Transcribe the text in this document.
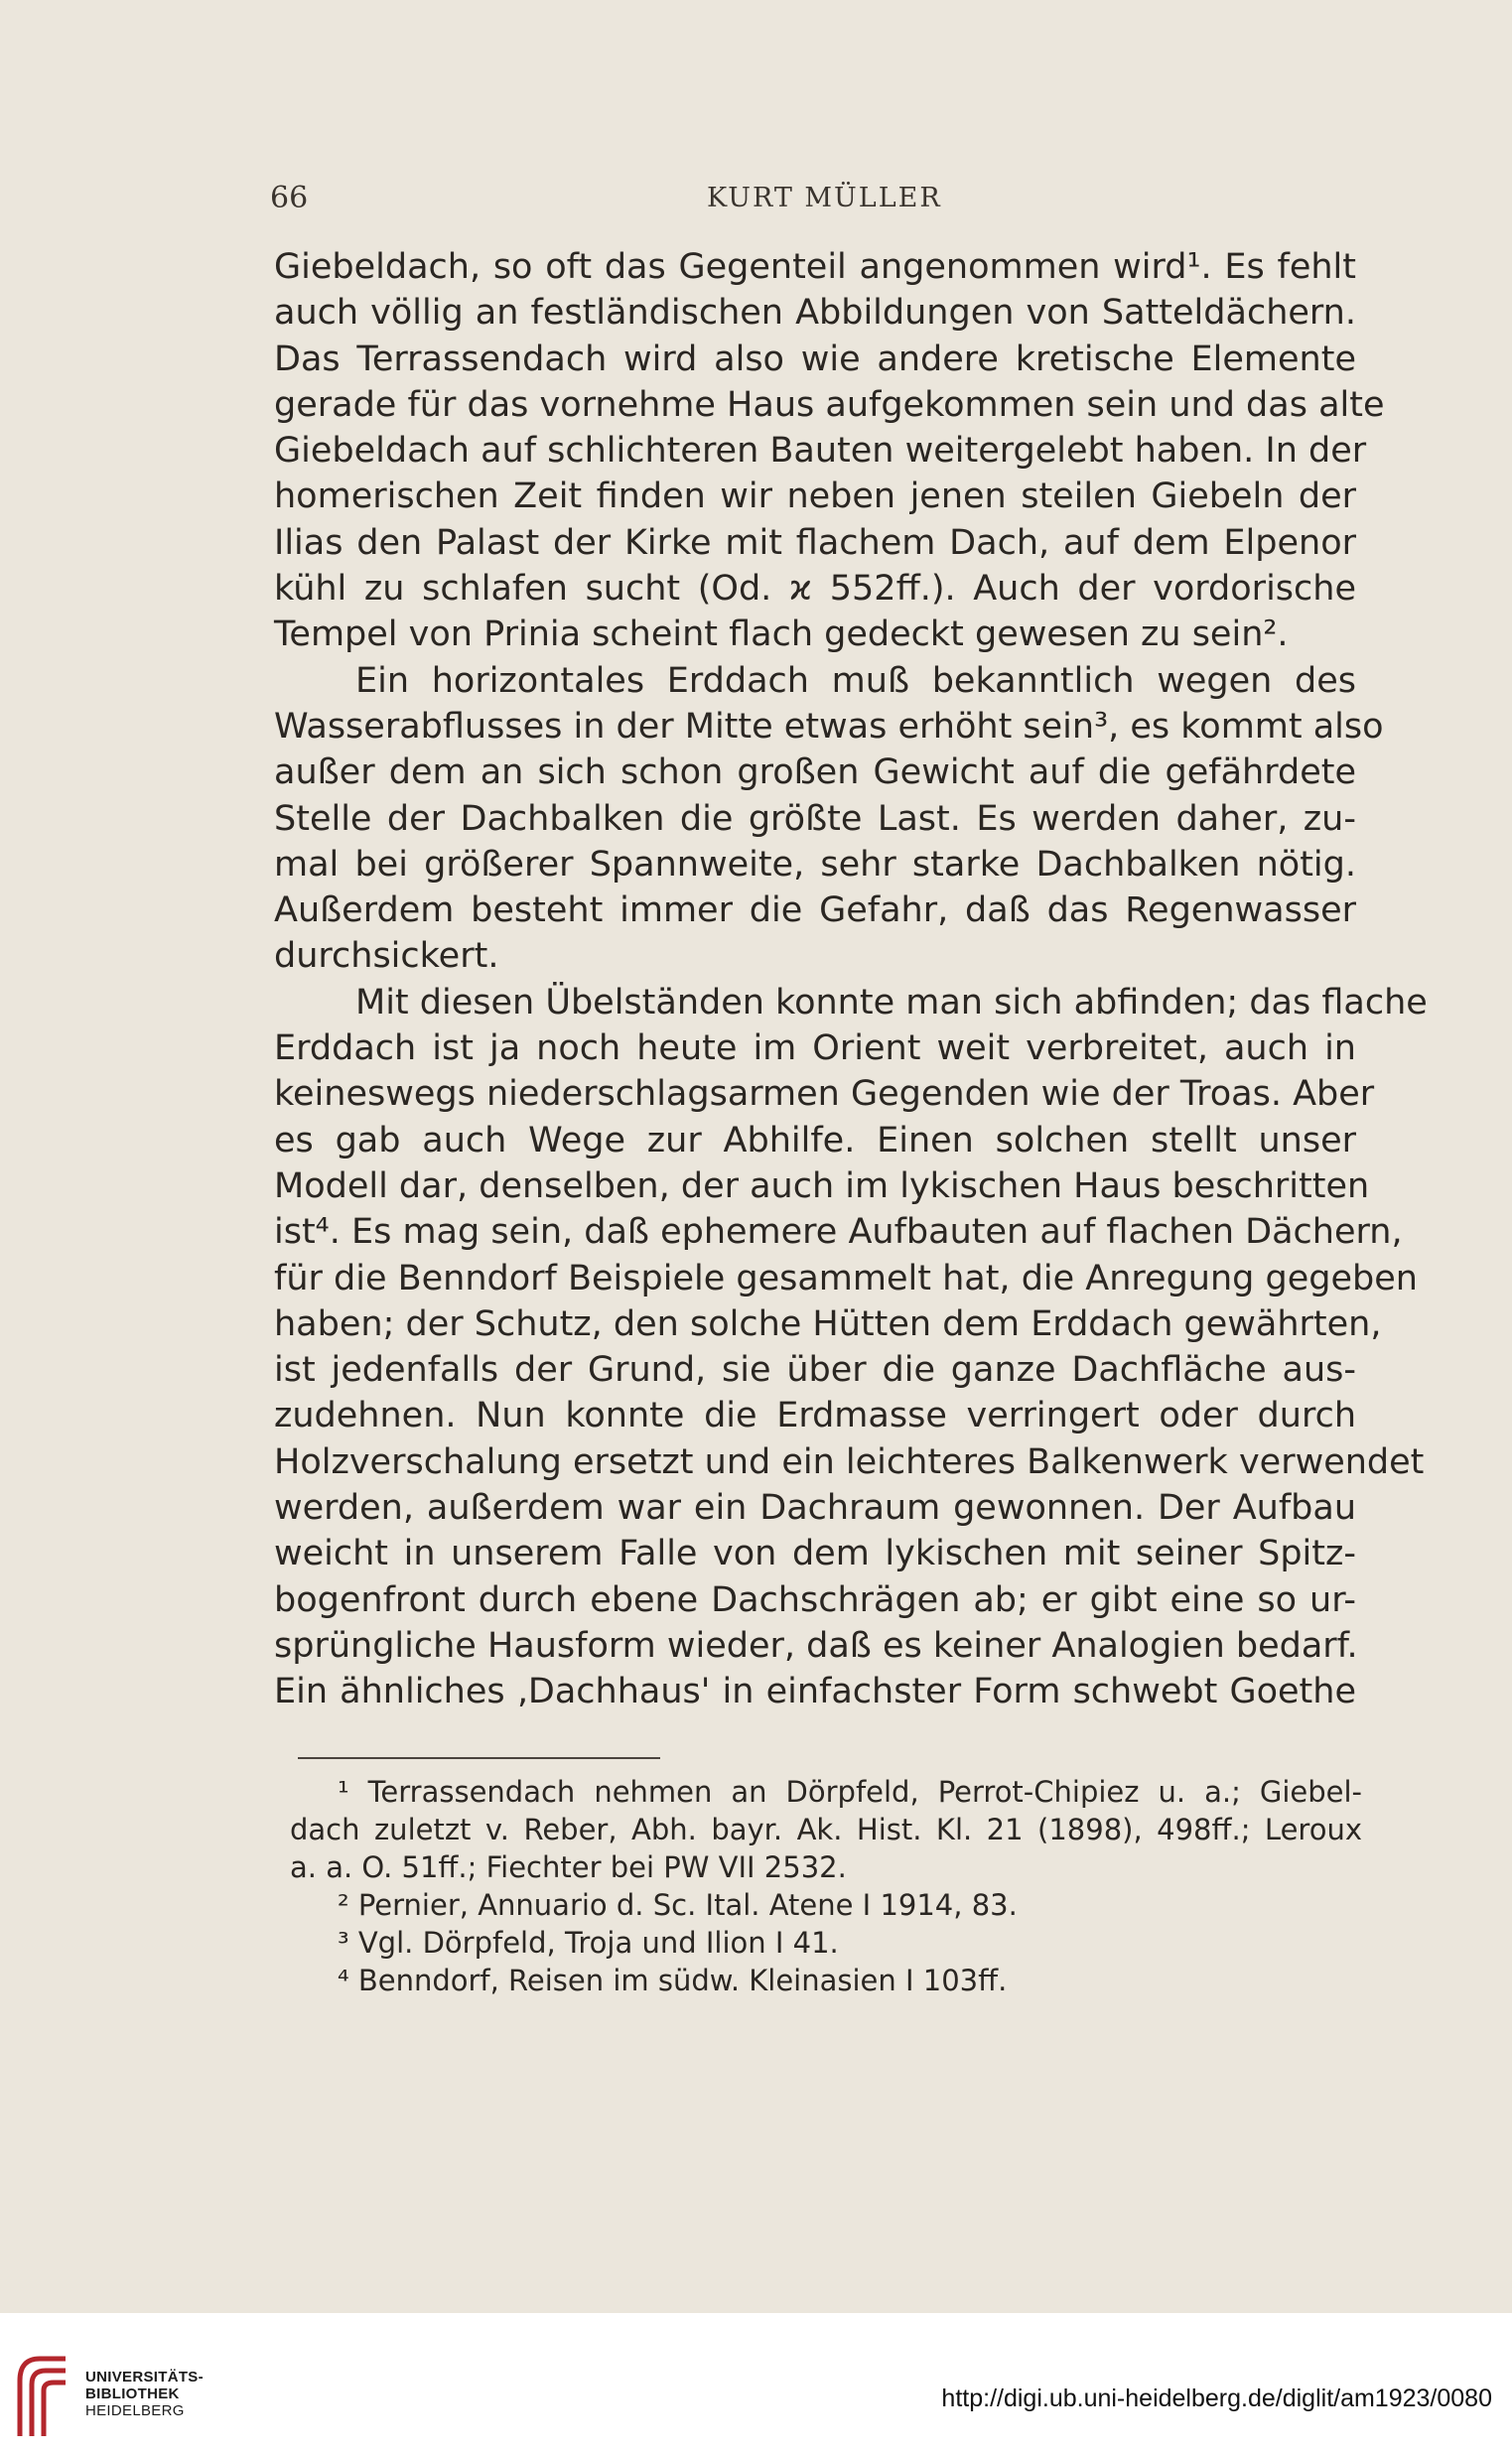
66	KURT MÜLLER
Giebeldach, so oft das Gegenteil angenommen wird¹. Es fehlt
auch völlig an festländischen Abbildungen von Satteldächern.
Das Terrassendach wird also wie andere kretische Elemente
gerade für das vornehme Haus aufgekommen sein und das alte
Giebeldach auf schlichteren Bauten weitergelebt haben. In der
homerischen Zeit finden wir neben jenen steilen Giebeln der
Ilias den Palast der Kirke mit flachem Dach, auf dem Elpenor
kühl zu schlafen sucht (Od. ϰ 552ff.). Auch der vordorische
Tempel von Prinia scheint flach gedeckt gewesen zu sein².
Ein horizontales Erddach muß bekanntlich wegen des
Wasserabflusses in der Mitte etwas erhöht sein³, es kommt also
außer dem an sich schon großen Gewicht auf die gefährdete
Stelle der Dachbalken die größte Last. Es werden daher, zu-
mal bei größerer Spannweite, sehr starke Dachbalken nötig.
Außerdem besteht immer die Gefahr, daß das Regenwasser
durchsickert.
Mit diesen Übelständen konnte man sich abfinden; das flache
Erddach ist ja noch heute im Orient weit verbreitet, auch in
keineswegs niederschlagsarmen Gegenden wie der Troas. Aber
es gab auch Wege zur Abhilfe. Einen solchen stellt unser
Modell dar, denselben, der auch im lykischen Haus beschritten
ist⁴. Es mag sein, daß ephemere Aufbauten auf flachen Dächern,
für die Benndorf Beispiele gesammelt hat, die Anregung gegeben
haben; der Schutz, den solche Hütten dem Erddach gewährten,
ist jedenfalls der Grund, sie über die ganze Dachfläche aus-
zudehnen. Nun konnte die Erdmasse verringert oder durch
Holzverschalung ersetzt und ein leichteres Balkenwerk verwendet
werden, außerdem war ein Dachraum gewonnen. Der Aufbau
weicht in unserem Falle von dem lykischen mit seiner Spitz-
bogenfront durch ebene Dachschrägen ab; er gibt eine so ur-
sprüngliche Hausform wieder, daß es keiner Analogien bedarf.
Ein ähnliches ‚Dachhaus' in einfachster Form schwebt Goethe
¹ Terrassendach nehmen an Dörpfeld, Perrot-Chipiez u. a.; Giebel-
dach zuletzt v. Reber, Abh. bayr. Ak. Hist. Kl. 21 (1898), 498ff.; Leroux
a. a. O. 51ff.; Fiechter bei PW VII 2532.
² Pernier, Annuario d. Sc. Ital. Atene I 1914, 83.
³ Vgl. Dörpfeld, Troja und Ilion I 41.
⁴ Benndorf, Reisen im südw. Kleinasien I 103ff.
UNIVERSITÄTS-
BIBLIOTHEK
HEIDELBERG	http://digi.ub.uni-heidelberg.de/diglit/am1923/0080
